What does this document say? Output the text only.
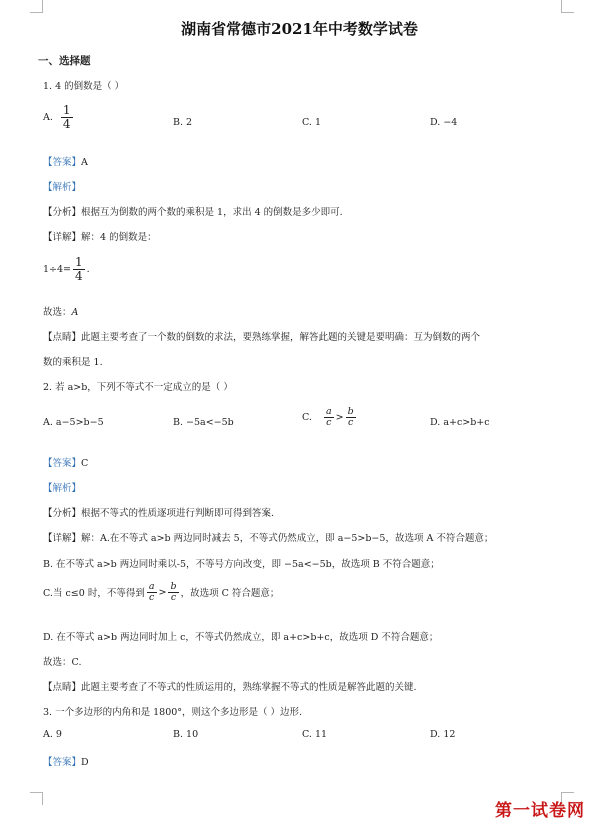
湖南省常德市2021年中考数学试卷
一、选择题
1. 4 的倒数是（ ）
A. $\frac{1}{4}$	B. 2	C. 1	D. −4
【答案】A
【解析】
【分析】根据互为倒数的两个数的乘积是 1，求出 4 的倒数是多少即可.
【详解】解：4 的倒数是：
$1\div 4= \frac{1}{4}$ .
故选：A
【点睛】此题主要考查了一个数的倒数的求法，要熟练掌握，解答此题的关键是要明确：互为倒数的两个
数的乘积是 1.
2. 若 a>b，下列不等式不一定成立的是（ ）
A. a−5>b−5	B. −5a<−5b	C. $\frac{a}{c} > \frac{b}{c}$	D. a+c>b+c
【答案】C
【解析】
【分析】根据不等式的性质逐项进行判断即可得到答案.
【详解】解：A.在不等式 a>b 两边同时减去 5，不等式仍然成立，即 a−5>b−5，故选项 A 不符合题意；
B. 在不等式 a>b 两边同时乘以-5，不等号方向改变，即 −5a<−5b，故选项 B 不符合题意；
C.当 c≤0 时，不等得到 $\frac{a}{c} > \frac{b}{c}$ ，故选项 C 符合题意；
D. 在不等式 a>b 两边同时加上 c，不等式仍然成立，即 a+c>b+c，故选项 D 不符合题意；
故选：C.
【点睛】此题主要考查了不等式的性质运用的，熟练掌握不等式的性质是解答此题的关键.
3. 一个多边形的内角和是 1800°，则这个多边形是（ ）边形.
A. 9	B. 10	C. 11	D. 12
【答案】D
第一试卷网
